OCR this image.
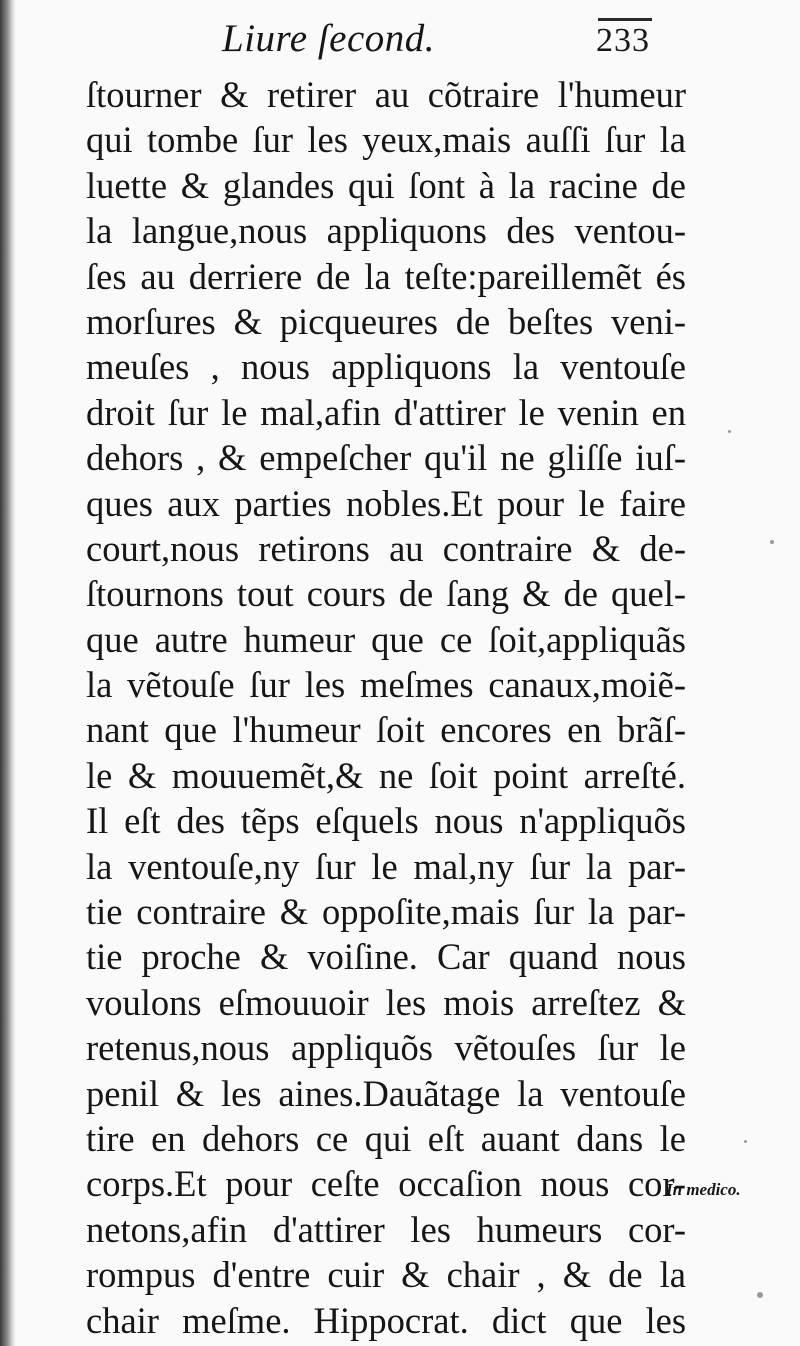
Liure ſecond.	233
ſtourner & retirer au cõtraire l'humeur
qui tombe ſur les yeux,mais auſſi ſur la
luette & glandes qui ſont à la racine de
la langue,nous appliquons des ventou-
ſes au derriere de la teſte:pareillemẽt és
morſures & picqueures de beſtes veni-
meuſes , nous appliquons la ventouſe
droit ſur le mal,afin d'attirer le venin en
dehors , & empeſcher qu'il ne gliſſe iuſ-
ques aux parties nobles.Et pour le faire
court,nous retirons au contraire & de-
ſtournons tout cours de ſang & de quel-
que autre humeur que ce ſoit,appliquãs
la vẽtouſe ſur les meſmes canaux,moiẽ-
nant que l'humeur ſoit encores en brãſ-
le & mouuemẽt,& ne ſoit point arreſté.
Il eſt des tẽps eſquels nous n'appliquõs
la ventouſe,ny ſur le mal,ny ſur la par-
tie contraire & oppoſite,mais ſur la par-
tie proche & voiſine. Car quand nous
voulons eſmouuoir les mois arreſtez &
retenus,nous appliquõs vẽtouſes ſur le
penil & les aines.Dauãtage la ventouſe
tire en dehors ce qui eſt auant dans le
corps.Et pour ceſte occaſion nous cor-
netons,afin d'attirer les humeurs cor-
rompus d'entre cuir & chair , & de la
chair meſme. Hippocrat. dict que les
In medico.
